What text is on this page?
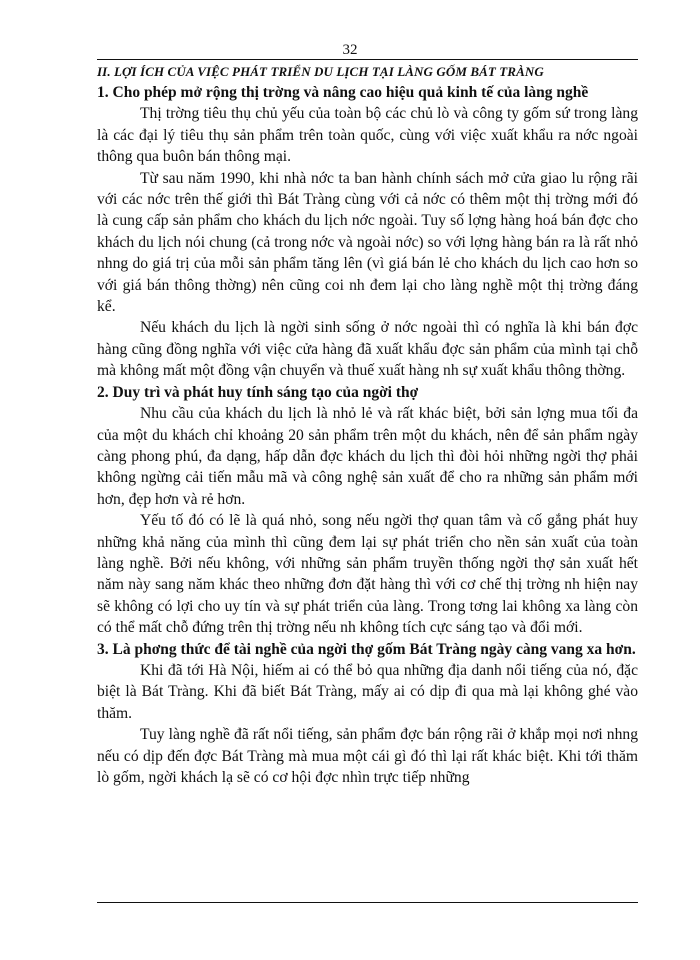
32
II. LỢI ÍCH CỦA VIỆC PHÁT TRIỂN DU LỊCH TẠI LÀNG GỐM BÁT TRÀNG
1. Cho phép mở rộng thị trờng và nâng cao hiệu quả kinh tế của làng nghề

Thị trờng tiêu thụ chủ yếu của toàn bộ các chủ lò và công ty gốm sứ trong làng là các đại lý tiêu thụ sản phẩm trên toàn quốc, cùng với việc xuất khẩu ra nớc ngoài thông qua buôn bán thông mại.

Từ sau năm 1990, khi nhà nớc ta ban hành chính sách mở cửa giao lu rộng rãi với các nớc trên thế giới thì Bát Tràng cùng với cả nớc có thêm một thị trờng mới đó là cung cấp sản phẩm cho khách du lịch nớc ngoài. Tuy số lợng hàng hoá bán đợc cho khách du lịch nói chung (cả trong nớc và ngoài nớc) so với lợng hàng bán ra là rất nhỏ nhng do giá trị của mỗi sản phẩm tăng lên (vì giá bán lẻ cho khách du lịch cao hơn so với giá bán thông thờng) nên cũng coi nh đem lại cho làng nghề một thị trờng đáng kể.

Nếu khách du lịch là ngời sinh sống ở nớc ngoài thì có nghĩa là khi bán đợc hàng cũng đồng nghĩa với việc cửa hàng đã xuất khẩu đợc sản phẩm của mình tại chỗ mà không mất một đồng vận chuyển và thuế xuất hàng nh sự xuất khẩu thông thờng.

2. Duy trì và phát huy tính sáng tạo của ngời thợ

Nhu cầu của khách du lịch là nhỏ lẻ và rất khác biệt, bởi sản lợng mua tối đa của một du khách chỉ khoảng 20 sản phẩm trên một du khách, nên để sản phẩm ngày càng phong phú, đa dạng, hấp dẫn đợc khách du lịch thì đòi hỏi những ngời thợ phải không ngừng cải tiến mẫu mã và công nghệ sản xuất để cho ra những sản phẩm mới hơn, đẹp hơn và rẻ hơn.

Yếu tố đó có lẽ là quá nhỏ, song nếu ngời thợ quan tâm và cố gắng phát huy những khả năng của mình thì cũng đem lại sự phát triển cho nền sản xuất của toàn làng nghề. Bởi nếu không, với những sản phẩm truyền thống ngời thợ sản xuất hết năm này sang năm khác theo những đơn đặt hàng thì với cơ chế thị trờng nh hiện nay sẽ không có lợi cho uy tín và sự phát triển của làng. Trong tơng lai không xa làng còn có thể mất chỗ đứng trên thị trờng nếu nh không tích cực sáng tạo và đổi mới.

3. Là phơng thức để tài nghề của ngời thợ gốm Bát Tràng ngày càng vang xa hơn.

Khi đã tới Hà Nội, hiếm ai có thể bỏ qua những địa danh nổi tiếng của nó, đặc biệt là Bát Tràng. Khi đã biết Bát Tràng, mấy ai có dịp đi qua mà lại không ghé vào thăm.

Tuy làng nghề đã rất nổi tiếng, sản phẩm đợc bán rộng rãi ở khắp mọi nơi nhng nếu có dịp đến đợc Bát Tràng mà mua một cái gì đó thì lại rất khác biệt. Khi tới thăm lò gốm, ngời khách lạ sẽ có cơ hội đợc nhìn trực tiếp những
